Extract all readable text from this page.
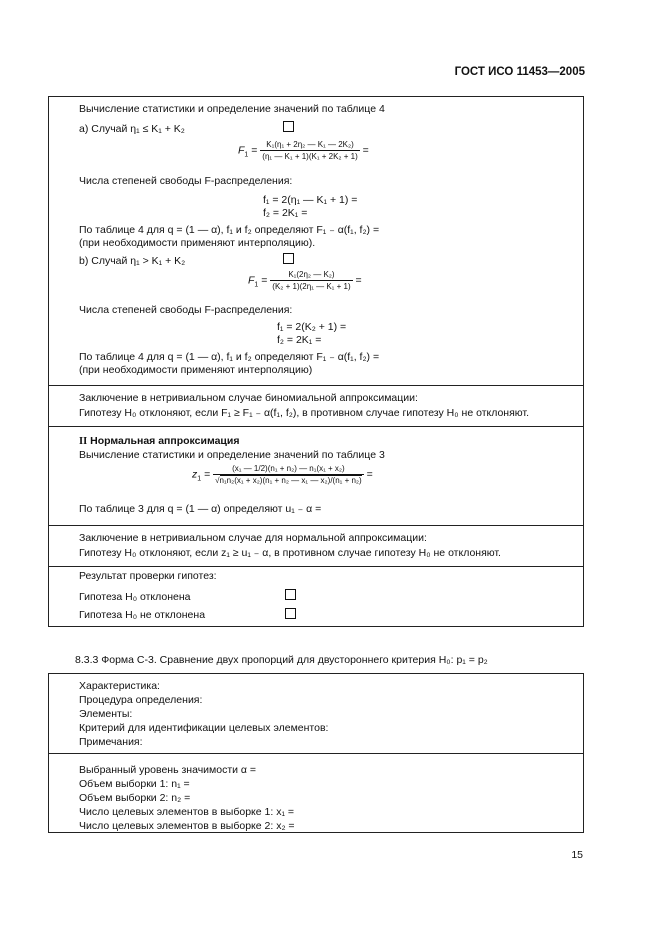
ГОСТ ИСО 11453—2005
Вычисление статистики и определение значений по таблице 4
а) Случай η₁ ≤ K₁ + K₂
$F_1 = \frac{\text{K₁(η₁ + 2η₂ — K₁ — 2K₂)}}{\text{(η₁ — K₁ + 1)(K₁ + 2K₂ + 1)}}$ =
Числа степеней свободы F-распределения:
f₁ = 2(η₁ — K₁ + 1) =
f₂ = 2K₁ =
По таблице 4 для q = (1 — α), f₁ и f₂ определяют F₁ ₋ α(f₁, f₂) =
(при необходимости применяют интерполяцию).
b) Случай η₁ > K₁ + K₂
$F_1 = \frac{\text{K₁(2η₂ — K₂)}}{\text{(K₂ + 1)(2η₁ — K₁ + 1)}}$ =
Числа степеней свободы F-распределения:
f₁ = 2(K₂ + 1) =
f₂ = 2K₁ =
По таблице 4 для q = (1 — α), f₁ и f₂ определяют F₁ ₋ α(f₁, f₂) =
(при необходимости применяют интерполяцию)
Заключение в нетривиальном случае биномиальной аппроксимации:
Гипотезу H₀ отклоняют, если F₁ ≥ F₁ ₋ α(f₁, f₂), в противном случае гипотезу H₀ не отклоняют.
II Нормальная аппроксимация
Вычисление статистики и определение значений по таблице 3
$z_1 = \frac{\text{(x₁ — 1/2)(n₁ + n₂) — n₁(x₁ + x₂)}}{\text{√n₁n₂(x₁ + x₂)(n₁ + n₂ — x₁ — x₂)/(n₁ + n₂)}}$ =
По таблице 3 для q = (1 — α) определяют u₁ ₋ α =
Заключение в нетривиальном случае для нормальной аппроксимации:
Гипотезу H₀ отклоняют, если z₁ ≥ u₁ ₋ α, в противном случае гипотезу H₀ не отклоняют.
Результат проверки гипотез:
Гипотеза H₀ отклонена
Гипотеза H₀ не отклонена
8.3.3 Форма С-3. Сравнение двух пропорций для двустороннего критерия H₀: p₁ = p₂
Характеристика:
Процедура определения:
Элементы:
Критерий для идентификации целевых элементов:
Примечания:
Выбранный уровень значимости α =
Объем выборки 1: n₁ =
Объем выборки 2: n₂ =
Число целевых элементов в выборке 1: x₁ =
Число целевых элементов в выборке 2: x₂ =
15
